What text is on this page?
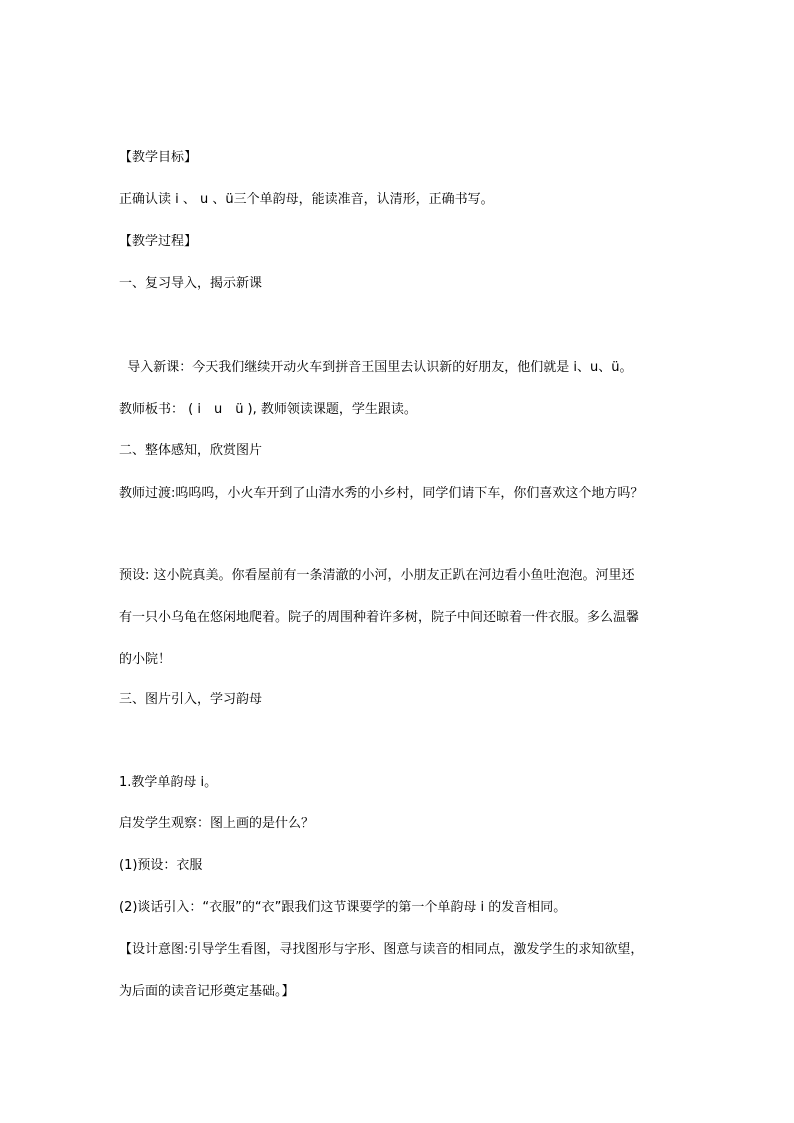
【教学目标】
正确认读 i 、 u 、ü三个单韵母，能读准音，认清形，正确书写。
【教学过程】
一、复习导入，揭示新课
导入新课：今天我们继续开动火车到拼音王国里去认识新的好朋友，他们就是 i、u、ü。
教师板书： ( i　u　ü ), 教师领读课题，学生跟读。
二、整体感知，欣赏图片
教师过渡:呜呜呜，小火车开到了山清水秀的小乡村，同学们请下车，你们喜欢这个地方吗？
预设: 这小院真美。你看屋前有一条清澈的小河，小朋友正趴在河边看小鱼吐泡泡。河里还
有一只小乌龟在悠闲地爬着。院子的周围种着许多树，院子中间还晾着一件衣服。多么温馨
的小院！
三、图片引入，学习韵母
1.教学单韵母 i。
启发学生观察：图上画的是什么？
(1)预设：衣服
(2)谈话引入：“衣服”的“衣”跟我们这节课要学的第一个单韵母 i 的发音相同。
【设计意图:引导学生看图，寻找图形与字形、图意与读音的相同点，激发学生的求知欲望，
为后面的读音记形奠定基础。】
